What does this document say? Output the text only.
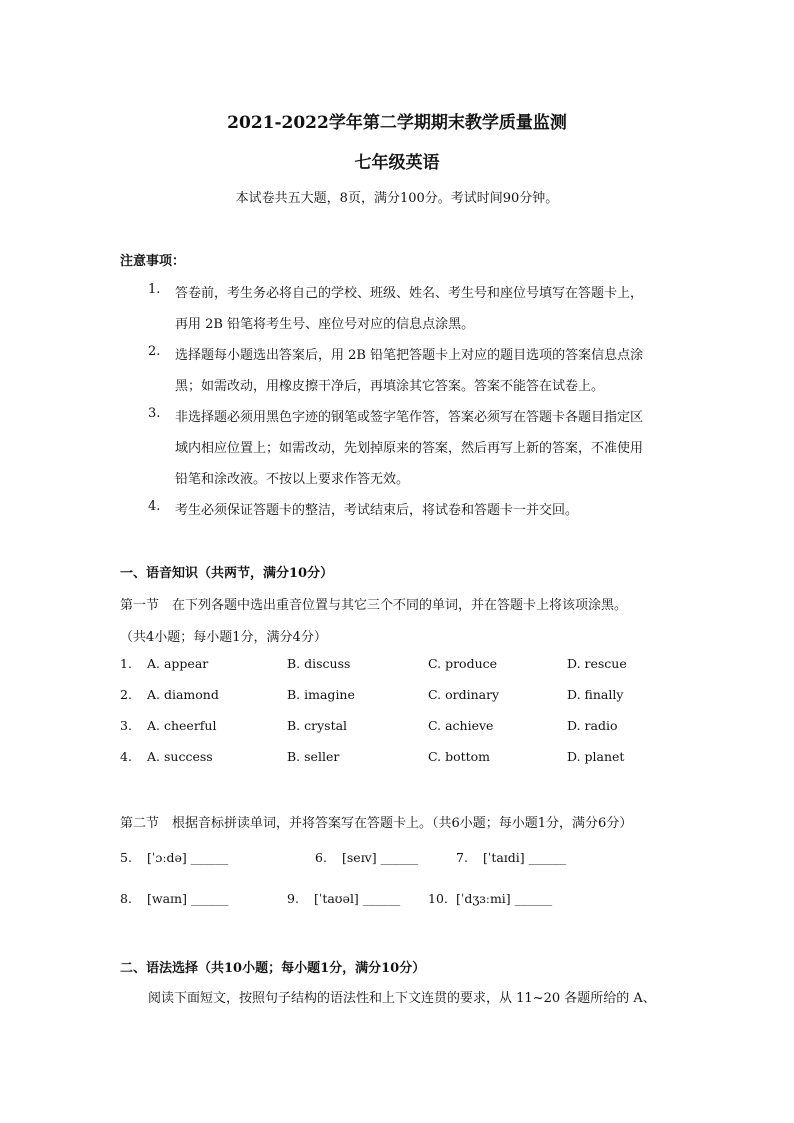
2021-2022学年第二学期期末教学质量监测
七年级英语
本试卷共五大题，8页，满分100分。考试时间90分钟。
注意事项：
1.	答卷前，考生务必将自己的学校、班级、姓名、考生号和座位号填写在答题卡上，
再用 2B 铅笔将考生号、座位号对应的信息点涂黑。
2.	选择题每小题选出答案后，用 2B 铅笔把答题卡上对应的题目选项的答案信息点涂
黑；如需改动，用橡皮擦干净后，再填涂其它答案。答案不能答在试卷上。
3.	非选择题必须用黑色字迹的钢笔或签字笔作答，答案必须写在答题卡各题目指定区
域内相应位置上；如需改动，先划掉原来的答案，然后再写上新的答案，不准使用
铅笔和涂改液。不按以上要求作答无效。
4.	考生必须保证答题卡的整洁，考试结束后，将试卷和答题卡一并交回。
一、语音知识（共两节，满分10分）
第一节　在下列各题中选出重音位置与其它三个不同的单词，并在答题卡上将该项涂黑。
（共4小题；每小题1分，满分4分）
1. A. appear	B. discuss	C. produce	D. rescue
2. A. diamond	B. imagine	C. ordinary	D. finally
3. A. cheerful	B. crystal	C. achieve	D. radio
4. A. success	B. seller	C. bottom	D. planet
第二节　根据音标拼读单词，并将答案写在答题卡上。（共6小题；每小题1分，满分6分）
5. [ˈɔːdə] ______	6. [seɪv] ______	7. [ˈtaɪdi] ______
8. [waɪn] ______	9. [ˈtaʊəl] ______ 10. [ˈdʒɜːmi] ______
二、语法选择（共10小题；每小题1分，满分10分）
阅读下面短文，按照句子结构的语法性和上下文连贯的要求，从 11~20 各题所给的 A、
